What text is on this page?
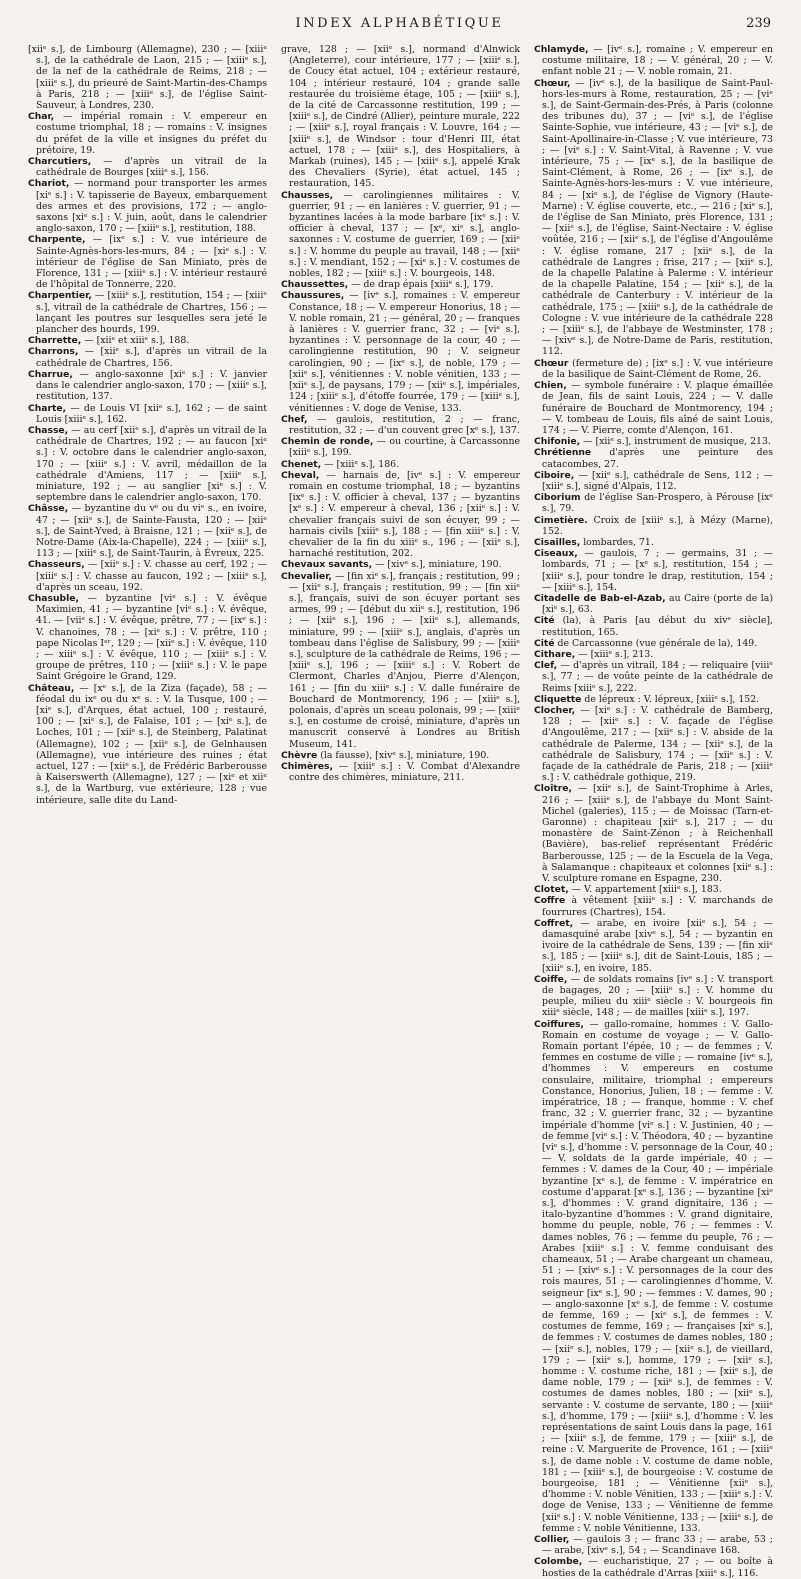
INDEX ALPHABÉTIQUE	239

[xiiᵉ s.], de Limbourg (Allemagne), 230 ; — [xiiiᵉ s.], de la cathédrale de Laon, 215 ; — [xiiiᵉ s.], de la nef de la cathédrale de Reims, 218 ; — [xiiiᵉ s.], du prieuré de Saint-Martin-des-Champs à Paris, 218 ; — [xiiiᵉ s.], de l'église Saint-Sauveur, à Londres, 230.

Char, — impérial romain : V. empereur en costume triomphal, 18 ; — romains : V. insignes du préfet de la ville et insignes du préfet du prétoire, 19.

Charcutiers, — d'après un vitrail de la cathédrale de Bourges [xiiiᵉ s.], 156.

Chariot, — normand pour transporter les armes [xiᵉ s.] : V. tapisserie de Bayeux, embarquement des armes et des provisions, 172 ; — anglo-saxons [xiᵉ s.] : V. juin, août, dans le calendrier anglo-saxon, 170 ; — [xiiiᵉ s.], restitution, 188.

Charpente, — [ixᵉ s.] : V. vue intérieure de Sainte-Agnès-hors-les-murs, 84 ; — [xiᵉ s.] : V. intérieur de l'église de San Miniato, près de Florence, 131 ; — [xiiiᵉ s.] : V. intérieur restauré de l'hôpital de Tonnerre, 220.

Charpentier, — [xiiiᵉ s.], restitution, 154 ; — [xiiiᵉ s.], vitrail de la cathédrale de Chartres, 156 ; — lançant les poutres sur lesquelles sera jeté le plancher des hourds, 199.

Charrette, — [xiiᵉ et xiiiᵉ s.], 188.

Charrons, — [xiiᵉ s.], d'après un vitrail de la cathédrale de Chartres, 156.

Charrue, — anglo-saxonne [xiᵉ s.] : V. janvier dans le calendrier anglo-saxon, 170 ; — [xiiiᵉ s.], restitution, 137.

Charte, — de Louis VI [xiiᵉ s.], 162 ; — de saint Louis [xiiiᵉ s.], 162.

Chasse, — au cerf [xiiᵉ s.], d'après un vitrail de la cathédrale de Chartres, 192 ; — au faucon [xiᵉ s.] : V. octobre dans le calendrier anglo-saxon, 170 ; — [xiiiᵉ s.] : V. avril, médaillon de la cathédrale d'Amiens, 117 ; — [xiiiᵉ s.], miniature, 192 ; — au sanglier [xiᵉ s.] : V. septembre dans le calendrier anglo-saxon, 170.

Châsse, — byzantine du vᵉ ou du viᵉ s., en ivoire, 47 ; — [xiiᵉ s.], de Sainte-Fausta, 120 ; — [xiiᵉ s.], de Saint-Yved, à Braisne, 121 ; — [xiiᵉ s.], de Notre-Dame (Aix-la-Chapelle), 224 ; — [xiiiᵉ s.], 113 ; — [xiiiᵉ s.], de Saint-Taurin, à Évreux, 225.

Chasseurs, — [xiiᵉ s.] : V. chasse au cerf, 192 ; — [xiiiᵉ s.] : V. chasse au faucon, 192 ; — [xiiiᵉ s.], d'après un sceau, 192.

Chasuble, — byzantine [viᵉ s.] : V. évêque Maximien, 41 ; — byzantine [viᵉ s.] : V. évêque, 41. — [viiᵉ s.] : V. évêque, prêtre, 77 ; — [ixᵉ s.] : V. chanoines, 78 ; — [xiᵉ s.] : V. prêtre, 110 ; pape Nicolas Iᵉʳ, 129 ; — [xiiᵉ s.] : V. évêque, 110 ; — xiiiᵉ s.] : V. évêque, 110 ; — [xiiiᵉ s.] : V. groupe de prêtres, 110 ; — [xiiiᵉ s.] : V. le pape Saint Grégoire le Grand, 129.

Château, — [xᵉ s.], de la Ziza (façade), 58 ; — féodal du ixᵉ ou du xᵉ s. : V. la Tusque, 100 ; — [xiᵉ s.], d'Arques, état actuel, 100 ; restauré, 100 ; — [xiᵉ s.], de Falaise, 101 ; — [xiᵉ s.], de Loches, 101 ; — [xiiᵉ s.], de Steinberg, Palatinat (Allemagne), 102 ; — [xiiᵉ s.], de Gelnhausen (Allemagne), vue intérieure des ruines ; état actuel, 127 : — [xiiᵉ s.], de Frédéric Barberousse à Kaiserswerth (Allemagne), 127 ; — [xiᵉ et xiiᵉ s.], de la Wartburg, vue extérieure, 128 ; vue intérieure, salle dite du Land-

grave, 128 ; — [xiiᵉ s.], normand d'Alnwick (Angleterre), cour intérieure, 177 ; — [xiiiᵉ s.], de Coucy état actuel, 104 ; extérieur restauré, 104 ; intérieur restauré, 104 ; grande salle restaurée du troisième étage, 105 ; — [xiiiᵉ s.], de la cité de Carcassonne restitution, 199 ; — [xiiiᵉ s.], de Cindré (Allier), peinture murale, 222 ; — [xiiiᵉ s.], royal français : V. Louvre, 164 ; — [xiiiᵉ s.], de Windsor : tour d'Henri III, état actuel, 178 ; — [xiiiᵉ s.], des Hospitaliers, à Markab (ruines), 145 ; — [xiiiᵉ s.], appelé Krak des Chevaliers (Syrie), état actuel, 145 ; restauration, 145.

Chausses, — carolingiennes militaires : V. guerrier, 91 ; — en lanières : V. guerrier, 91 ; — byzantines lacées à la mode barbare [ixᵉ s.] : V. officier à cheval, 137 ; — [xᵉ, xiᵉ s.], anglo-saxonnes : V. costume de guerrier, 169 ; — [xiiᵉ s.] : V. homme du peuple au travail, 148 ; — [xiiᵉ s.] : V. mendiant, 152 ; — [xiᵉ s.] : V. costumes de nobles, 182 ; — [xiiiᵉ s.] : V. bourgeois, 148.

Chaussettes, — de drap épais [xiiiᵉ s.], 179.

Chaussures, — [ivᵉ s.], romaines : V. empereur Constance, 18 ; — V. empereur Honorius, 18 ; — V. noble romain, 21 ; — général, 20 ; — franques à lanières : V. guerrier franc, 32 ; — [viᵉ s.], byzantines : V. personnage de la cour, 40 ; — carolingienne restitution, 90 ; V. seigneur carolingien, 90 ; — [ixᵉ s.], de noble, 179 ; — [xiiᵉ s.], vénitiennes : V. noble vénitien, 133 ; — [xiiᵉ s.], de paysans, 179 ; — [xiiᵉ s.], impériales, 124 ; [xiiiᵉ s.], d'étoffe fourrée, 179 ; — [xiiiᵉ s.], vénitiennes : V. doge de Venise, 133.

Chef, — gaulois, restitution, 2 ; — franc, restitution, 32 ; — d'un couvent grec [xᵉ s.], 137.

Chemin de ronde, — ou courtine, à Carcassonne [xiiiᵉ s.], 199.

Chenet, — [xiiiᵉ s.], 186.

Cheval, — harnais de, [ivᵉ s.] : V. empereur romain en costume triomphal, 18 ; — byzantins [ixᵉ s.] : V. officier à cheval, 137 ; — byzantins [xᵉ s.] : V. empereur à cheval, 136 ; [xiiᵉ s.] : V. chevalier français suivi de son écuyer, 99 ; — harnais civils [xiiiᵉ s.], 188 ; — [fin xiiiᵉ s.] : V. chevalier de la fin du xiiiᵉ s., 196 ; — [xiiᵉ s.], harnaché restitution, 202.

Chevaux savants, — [xivᵉ s.], miniature, 190.

Chevalier, — [fin xiᵉ s.], français ; restitution, 99 ; — [xiiᵉ s.], français ; restitution, 99 ; — [fin xiiᵉ s.], français, suivi de son écuyer portant ses armes, 99 ; — [début du xiiᵉ s.], restitution, 196 ; — [xiiᵉ s.], 196 ; — [xiiᵉ s.], allemands, miniature, 99 ; — [xiiiᵉ s.], anglais, d'après un tombeau dans l'église de Salisbury, 99 ; — [xiiiᵉ s.], sculpture de la cathédrale de Reims, 196 ; — [xiiiᵉ s.], 196 ; — [xiiiᵉ s.] : V. Robert de Clermont, Charles d'Anjou, Pierre d'Alençon, 161 ; — [fin du xiiiᵉ s.] : V. dalle funéraire de Bouchard de Montmorency, 196 ; — [xiiiᵉ s.], polonais, d'après un sceau polonais, 99 ; — [xiiiᵉ s.], en costume de croisé, miniature, d'après un manuscrit conservé à Londres au British Museum, 141.

Chèvre (la fausse), [xivᵉ s.], miniature, 190.

Chimères, — [xiiiᵉ s.] : V. Combat d'Alexandre contre des chimères, miniature, 211.

Chlamyde, — [ivᵉ s.], romaine ; V. empereur en costume militaire, 18 ; — V. général, 20 ; — V. enfant noble 21 ; — V. noble romain, 21.

Chœur, — [ivᵉ s.], de la basilique de Saint-Paul-hors-les-murs à Rome, restauration, 25 ; — [viᵉ s.], de Saint-Germain-des-Prés, à Paris (colonne des tribunes du), 37 ; — [viᵉ s.], de l'église Sainte-Sophie, vue intérieure, 43 ; — [viᵉ s.], de Saint-Apollinaire-in-Classe ; V. vue intérieure, 73 ; — [viᵉ s.] : V. Saint-Vital, à Ravenne ; V. vue intérieure, 75 ; — [ixᵉ s.], de la basilique de Saint-Clément, à Rome, 26 ; — [ixᵉ s.], de Sainte-Agnès-hors-les-murs : V. vue intérieure, 84 ; — [xiᵉ s.], de l'église de Vignory (Haute-Marne) : V. église couverte, etc., — 216 ; [xiᵉ s.], de l'église de San Miniato, près Florence, 131 ; — [xiiᵉ s.], de l'église, Saint-Nectaire : V. église voûtée, 216 ; — [xiiᵉ s.], de l'église d'Angoulême : V. église romane, 217 ; [xiiᵉ s.], de la cathédrale de Langres ; frise, 217 ; — [xiiᵉ s.], de la chapelle Palatine à Palerme : V. intérieur de la chapelle Palatine, 154 ; — [xiiᵉ s.], de la cathédrale de Canterbury : V. intérieur de la cathédrale, 175 ; — [xiiiᵉ s.], de la cathédrale de Cologne : V. vue intérieure de la cathédrale 228 ; — [xiiiᵉ s.], de l'abbaye de Westminster, 178 ; — [xivᵉ s.], de Notre-Dame de Paris, restitution, 112.

Chœur (fermeture de) ; [ixᵉ s.] : V. vue intérieure de la basilique de Saint-Clément de Rome, 26.

Chien, — symbole funéraire : V. plaque émaillée de Jean, fils de saint Louis, 224 ; — V. dalle funéraire de Bouchard de Montmorency, 194 ; — V. tombeau de Louis, fils aîné de saint Louis, 174 ; — V. Pierre, comte d'Alençon, 161.

Chifonie, — [xiiᵉ s.], instrument de musique, 213.

Chrétienne d'après une peinture des catacombes, 27.

Ciboire, — [xiiᵉ s.], cathédrale de Sens, 112 ; — [xiiiᵉ s.], signé d'Alpais, 112.

Ciborium de l'église San-Prospero, à Pérouse [ixᵉ s.], 79.

Cimetière. Croix de [xiiiᵉ s.], à Mézy (Marne), 152.

Cisailles, lombardes, 71.

Ciseaux, — gaulois, 7 ; — germains, 31 ; — lombards, 71 ; — [xᵉ s.], restitution, 154 ; — [xiiiᵉ s.], pour tondre le drap, restitution, 154 ; — [xiiiᵉ s.], 154.

Citadelle de Bab-el-Azab, au Caire (porte de la) [xiᵉ s.], 63.

Cité (la), à Paris [au début du xivᵉ siècle], restitution, 165.

Cité de Carcassonne (vue générale de la), 149.

Cithare, — [xiiiᵉ s.], 213.

Clef, — d'après un vitrail, 184 ; — reliquaire [viiiᵉ s.], 77 ; — de voûte peinte de la cathédrale de Reims [xiiiᵉ s.], 222.

Cliquette de lépreux : V. lépreux, [xiiiᵉ s.], 152.

Clocher, — [xiᵉ s.] : V. cathédrale de Bamberg, 128 ; — [xiiᵉ s.] : V. façade de l'église d'Angoulême, 217 ; — [xiiᵉ s.] : V. abside de la cathédrale de Palerme, 134 ; — [xiiᵉ s.], de la cathédrale de Salisbury, 174 ; — [xiiᵉ s.] : V. façade de la cathédrale de Paris, 218 ; — [xiiiᵉ s.] : V. cathédrale gothique, 219.

Cloître, — [xiiᵉ s.], de Saint-Trophime à Arles, 216 ; — [xiiiᵉ s.], de l'abbaye du Mont Saint-Michel (galeries), 115 ; — de Moissac (Tarn-et-Garonne) : chapiteau [xiiᵉ s.], 217 ; — du monastère de Saint-Zénon ; à Reichenhall (Bavière), bas-relief représentant Frédéric Barberousse, 125 ; — de la Escuela de la Vega, à Salamanque : chapiteaux et colonnes [xiiᵉ s.] : V. sculpture romane en Espagne, 230.

Clotet, — V. appartement [xiiiᵉ s.], 183.

Coffre à vêtement [xiiiᵉ s.] : V. marchands de fourrures (Chartres), 154.

Coffret, — arabe, en ivoire [xiiᵉ s.], 54 ; — damasquiné arabe [xivᵉ s.], 54 ; — byzantin en ivoire de la cathédrale de Sens, 139 ; — [fin xiiᵉ s.], 185 ; — [xiiiᵉ s.], dit de Saint-Louis, 185 ; — [xiiiᵉ s.], en ivoire, 185.

Coiffe, — de soldats romains [ivᵉ s.] : V. transport de bagages, 20 ; — [xiiiᵉ s.] : V. homme du peuple, milieu du xiiiᵉ siècle : V. bourgeois fin xiiiᵉ siècle, 148 ; — de mailles [xiiiᵉ s.], 197.

Coiffures, — gallo-romaine, hommes : V. Gallo-Romain en costume de voyage ; — V. Gallo-Romain portant l'épée, 10 ; — de femmes ; V. femmes en costume de ville ; — romaine [ivᵉ s.], d'hommes : V. empereurs en costume consulaire, militaire, triomphal ; empereurs Constance, Honorius, Julien, 18 ; — femme : V. impératrice, 18 ; — franque, homme : V. chef franc, 32 ; V. guerrier franc, 32 ; — byzantine impériale d'homme [viᵉ s.] : V. Justinien, 40 ; — de femme [viᵉ s.] : V. Théodora, 40 ; — byzantine [viᵉ s.], d'homme : V. personnage de la Cour, 40 ; — V. soldats de la garde impériale, 40 ; — femmes : V. dames de la Cour, 40 ; — impériale byzantine [xᵉ s.], de femme : V. impératrice en costume d'apparat [xᵉ s.], 136 ; — byzantine [xiᵉ s.], d'hommes : V. grand dignitaire, 136 ; — italo-byzantine d'hommes : V. grand dignitaire, homme du peuple, noble, 76 ; — femmes : V. dames nobles, 76 ; — femme du peuple, 76 ; — Arabes [xiiiᵉ s.] : V. femme conduisant des chameaux, 51 ; — Arabe chargeant un chameau, 51 ; — [xivᵉ s.] : V. personnages de la cour des rois maures, 51 ; — carolingiennes d'homme, V. seigneur [ixᵉ s.], 90 ; — femmes : V. dames, 90 ; — anglo-saxonne [xᵉ s.], de femme : V. costume de femme, 169 ; — [xiᵉ s.], de femmes : V. costumes de femme, 169 ; — françaises [xiᵉ s.], de femmes : V. costumes de dames nobles, 180 ; — [xiiᵉ s.], nobles, 179 ; — [xiiᵉ s.], de vieillard, 179 ; — [xiiᵉ s.], homme, 179 ; — [xiiᵉ s.], homme : V. costume riche, 181 ; — [xiiᵉ s.], de dame noble, 179 ; — [xiiᵉ s.], de femmes : V. costumes de dames nobles, 180 ; — [xiiᵉ s.], servante : V. costume de servante, 180 ; — [xiiiᵉ s.], d'homme, 179 ; — [xiiiᵉ s.], d'homme : V. les représentations de saint Louis dans la page, 161 ; — [xiiiᵉ s.], de femme, 179 ; — [xiiiᵉ s.], de reine : V. Marguerite de Provence, 161 ; — [xiiiᵉ s.], de dame noble : V. costume de dame noble, 181 ; — [xiiiᵉ s.], de bourgeoise : V. costume de bourgeoise, 181 ; — Vénitienne [xiiᵉ s.], d'homme : V. noble Vénitien, 133 ; — [xiiiᵉ s.] : V. doge de Venise, 133 ; — Vénitienne de femme [xiiᵉ s.] : V. noble Vénitienne, 133 ; — [xiiiᵉ s.], de femme : V. noble Vénitienne, 133.

Collier, — gaulois 3 ; — franc 33 ; — arabe, 53 ; — arabe, [xivᵉ s.], 54 ; — Scandinave 168.

Colombe, — eucharistique, 27 ; — ou boîte à hosties de la cathédrale d'Arras [xiiiᵉ s.], 116.
